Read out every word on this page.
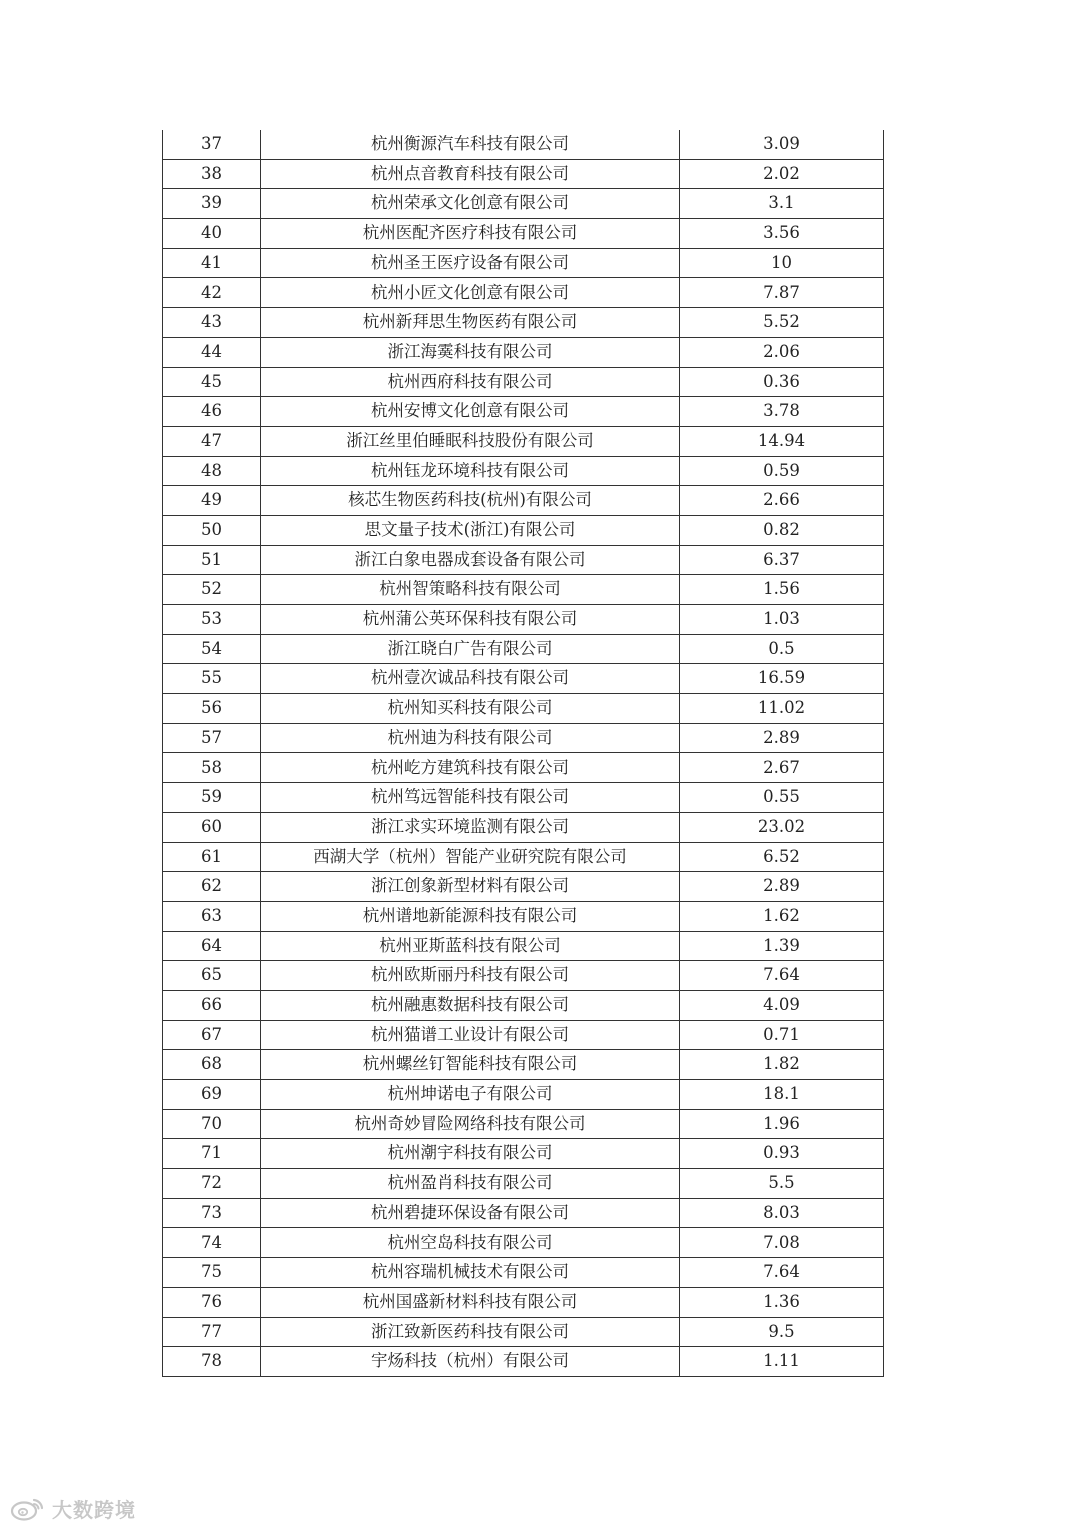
37	杭州衡源汽车科技有限公司	3.09
38	杭州点音教育科技有限公司	2.02
39	杭州荣承文化创意有限公司	3.1
40	杭州医配齐医疗科技有限公司	3.56
41	杭州圣王医疗设备有限公司	10
42	杭州小匠文化创意有限公司	7.87
43	杭州新拜思生物医药有限公司	5.52
44	浙江海霙科技有限公司	2.06
45	杭州西府科技有限公司	0.36
46	杭州安博文化创意有限公司	3.78
47	浙江丝里伯睡眠科技股份有限公司	14.94
48	杭州钰龙环境科技有限公司	0.59
49	核芯生物医药科技(杭州)有限公司	2.66
50	思文量子技术(浙江)有限公司	0.82
51	浙江白象电器成套设备有限公司	6.37
52	杭州智策略科技有限公司	1.56
53	杭州蒲公英环保科技有限公司	1.03
54	浙江晓白广告有限公司	0.5
55	杭州壹次诚品科技有限公司	16.59
56	杭州知买科技有限公司	11.02
57	杭州迪为科技有限公司	2.89
58	杭州屹方建筑科技有限公司	2.67
59	杭州笃远智能科技有限公司	0.55
60	浙江求实环境监测有限公司	23.02
61	西湖大学（杭州）智能产业研究院有限公司	6.52
62	浙江创象新型材料有限公司	2.89
63	杭州谱地新能源科技有限公司	1.62
64	杭州亚斯蓝科技有限公司	1.39
65	杭州欧斯丽丹科技有限公司	7.64
66	杭州融惠数据科技有限公司	4.09
67	杭州猫谱工业设计有限公司	0.71
68	杭州螺丝钉智能科技有限公司	1.82
69	杭州坤诺电子有限公司	18.1
70	杭州奇妙冒险网络科技有限公司	1.96
71	杭州潮宇科技有限公司	0.93
72	杭州盈肖科技有限公司	5.5
73	杭州碧捷环保设备有限公司	8.03
74	杭州空岛科技有限公司	7.08
75	杭州容瑞机械技术有限公司	7.64
76	杭州国盛新材料科技有限公司	1.36
77	浙江致新医药科技有限公司	9.5
78	宇炀科技（杭州）有限公司	1.11
大数跨境
